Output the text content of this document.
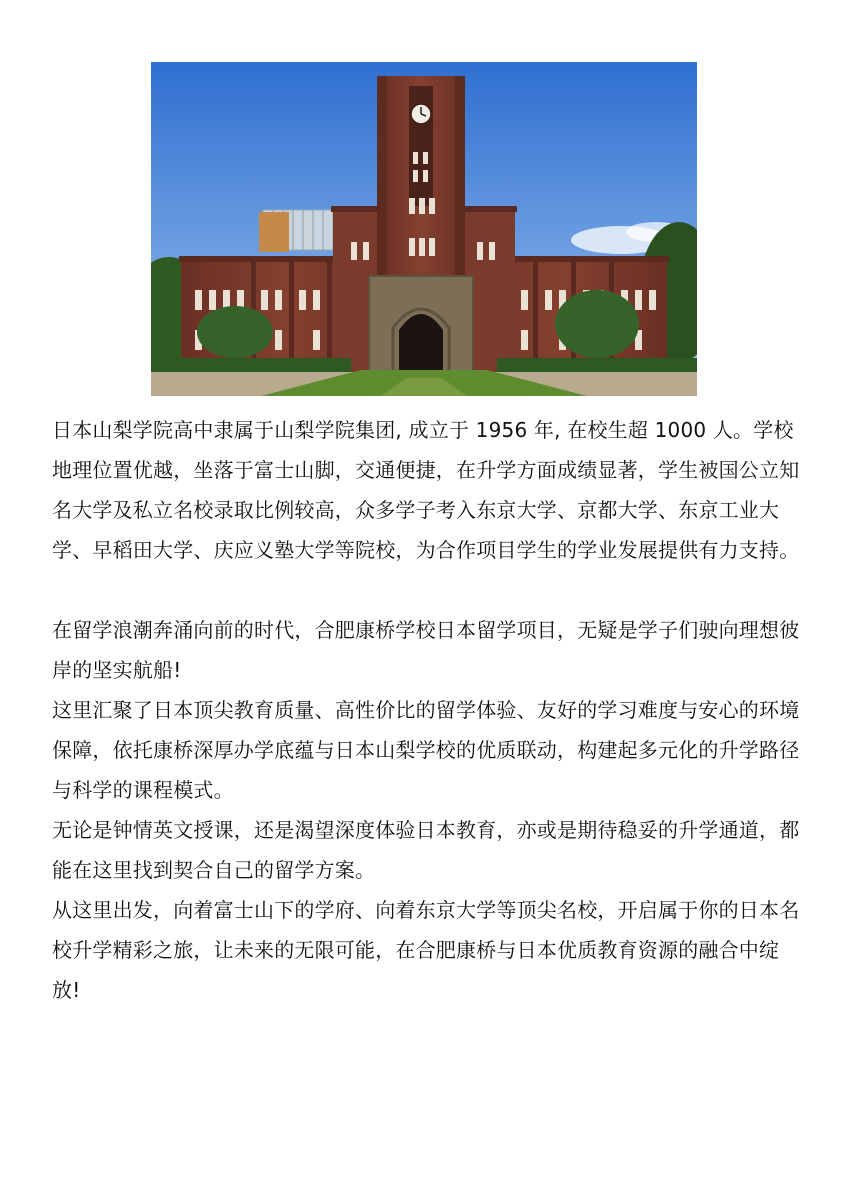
日本山梨学院高中隶属于山梨学院集团, 成立于 1956 年, 在校生超 1000 人。学校地理位置优越，坐落于富士山脚，交通便捷，在升学方面成绩显著，学生被国公立知名大学及私立名校录取比例较高，众多学子考入东京大学、京都大学、东京工业大学、早稻田大学、庆应义塾大学等院校，为合作项目学生的学业发展提供有力支持。

在留学浪潮奔涌向前的时代，合肥康桥学校日本留学项目，无疑是学子们驶向理想彼岸的坚实航船!

这里汇聚了日本顶尖教育质量、高性价比的留学体验、友好的学习难度与安心的环境保障，依托康桥深厚办学底蕴与日本山梨学校的优质联动，构建起多元化的升学路径与科学的课程模式。

无论是钟情英文授课，还是渴望深度体验日本教育，亦或是期待稳妥的升学通道，都能在这里找到契合自己的留学方案。

从这里出发，向着富士山下的学府、向着东京大学等顶尖名校，开启属于你的日本名校升学精彩之旅，让未来的无限可能，在合肥康桥与日本优质教育资源的融合中绽放!
